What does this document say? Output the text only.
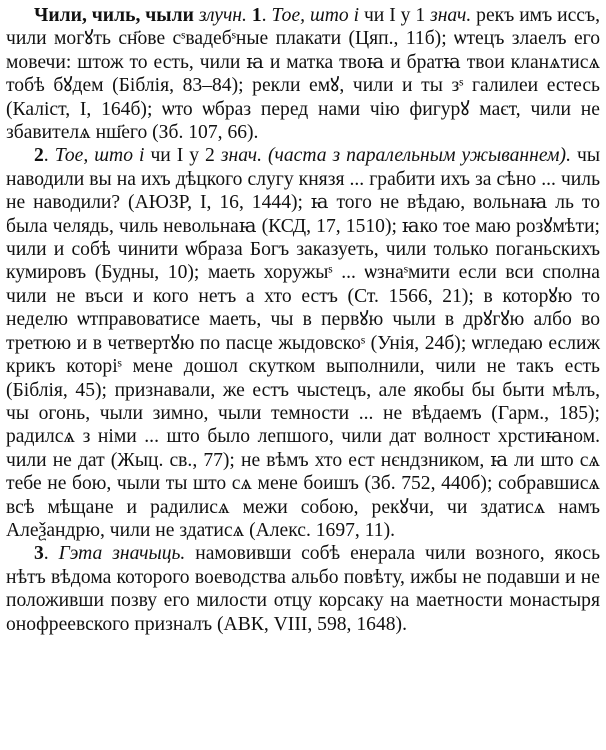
Чили, чиль, чыли злучн. 1. Тое, што і чи I у 1 знач. рекъ имъ иссъ, чили могꙋть сн҃ове сˢвадебˢные плакати (Цяп., 11б); ѡтецъ злаелъ его мовечи: штож то есть, чили ꙗ и матка твоꙗ и братꙗ твои кланѧтисѧ тобѣ бꙋдем (Біблія, 83–84); рекли емꙋ, чили и ты зˢ галилеи естесь (Каліст, I, 164б); ѡто ѡбраз перед нами чію фигурꙋ маєт, чили не збавителѧ нш҃его (Зб. 107, 66).

2. Тое, што і чи I у 2 знач. (часта з паралельным ужываннем). чы наводили вы на ихъ дѣцкого слугу князя ... грабити ихъ за сѣно ... чиль не наводили? (АЮЗР, I, 16, 1444); ꙗ того не вѣдаю, вольнаꙗ ль то была челядь, чиль невольнаꙗ (КСД, 17, 1510); ꙗко тое маю розꙋмѣти; чили и собѣ чинити ѡбраза Богъ заказуеть, чили только поганьскихъ кумировъ (Будны, 10); маеть хоружыˢ ... ѡзнаˢмити если вси сполна чили не въси и кого нетъ а хто естъ (Ст. 1566, 21); в которꙋю то неделю ѡтправоватисе маеть, чы в первꙋю чыли в дрꙋгꙋю албо во третюю и в четвертꙋю по пасце жыдовскоˢ (Унія, 24б); ѡгледаю еслиж крикъ которіˢ мене дошол скутком выполнили, чили не такъ есть (Біблія, 45); признавали, же естъ чыстецъ, але якобы бы быти мѣлъ, чы огонь, чыли зимно, чыли темности ... не вѣдаемъ (Гарм., 185); радилсѧ з німи ... што было лепшого, чили дат волност хрстиꙗном. чили не дат (Жыц. св., 77); не вѣмъ хто ест нєндзником, ꙗ ли што сѧ тебе не бою, чыли ты што сѧ мене боишъ (Зб. 752, 440б); собравшисѧ всѣ мѣщане и радилисѧ межи собою, рекꙋчи, чи здатисѧ намъ Алеѯандрю, чили не здатисѧ (Алекс. 1697, 11).

3. Гэта значыць. намовивши собѣ енерала чили возного, якось нѣтъ вѣдома которого воеводства альбо повѣту, ижбы не подавши и не положивши позву его милости отцу корсаку на маетности монастыря онофреевского призналъ (АВК, VIII, 598, 1648).
